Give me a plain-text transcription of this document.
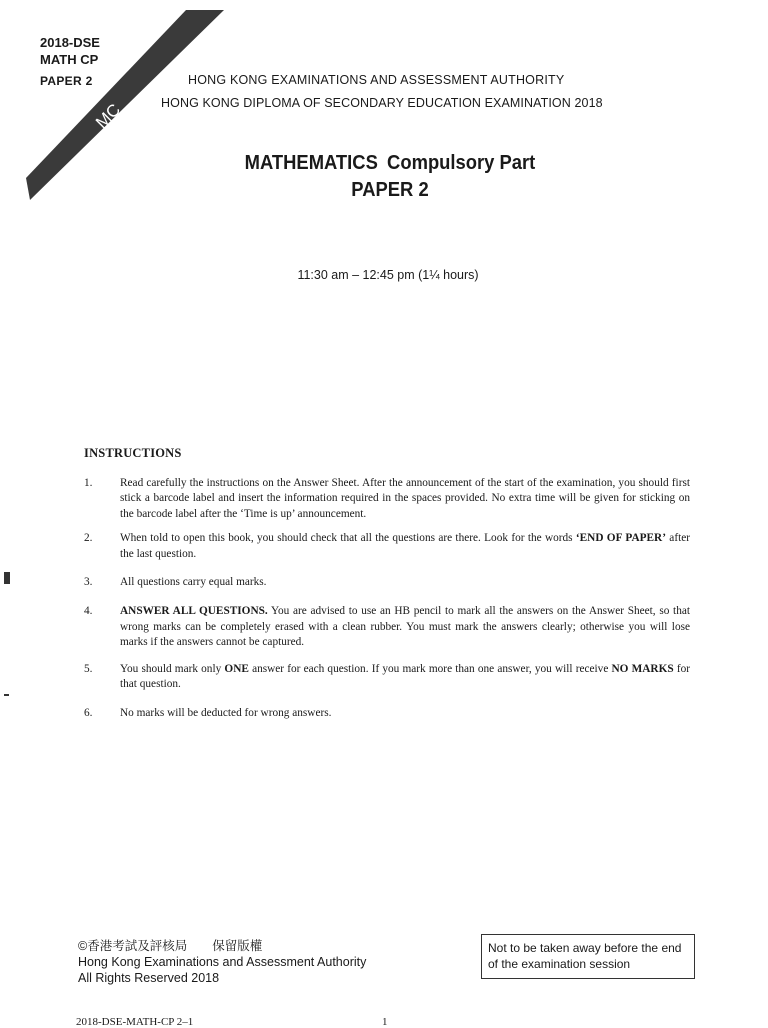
MC
2018-DSE
MATH CP
PAPER 2	HONG KONG EXAMINATIONS AND ASSESSMENT AUTHORITY
HONG KONG DIPLOMA OF SECONDARY EDUCATION EXAMINATION 2018
MATHEMATICS Compulsory Part
PAPER 2
11:30 am – 12:45 pm (1¼ hours)
INSTRUCTIONS
1.	Read carefully the instructions on the Answer Sheet. After the announcement of the start of the examination, you should first stick a barcode label and insert the information required in the spaces provided. No extra time will be given for sticking on the barcode label after the ‘Time is up’ announcement.
2.	When told to open this book, you should check that all the questions are there. Look for the words ‘END OF PAPER’ after the last question.
3.	All questions carry equal marks.
4.	ANSWER ALL QUESTIONS. You are advised to use an HB pencil to mark all the answers on the Answer Sheet, so that wrong marks can be completely erased with a clean rubber. You must mark the answers clearly; otherwise you will lose marks if the answers cannot be captured.
5.	You should mark only ONE answer for each question. If you mark more than one answer, you will receive NO MARKS for that question.
6.	No marks will be deducted for wrong answers.
©香港考試及評核局　　保留版權
Hong Kong Examinations and Assessment Authority
All Rights Reserved 2018
Not to be taken away before the end of the examination session
2018-DSE-MATH-CP 2–1	1
